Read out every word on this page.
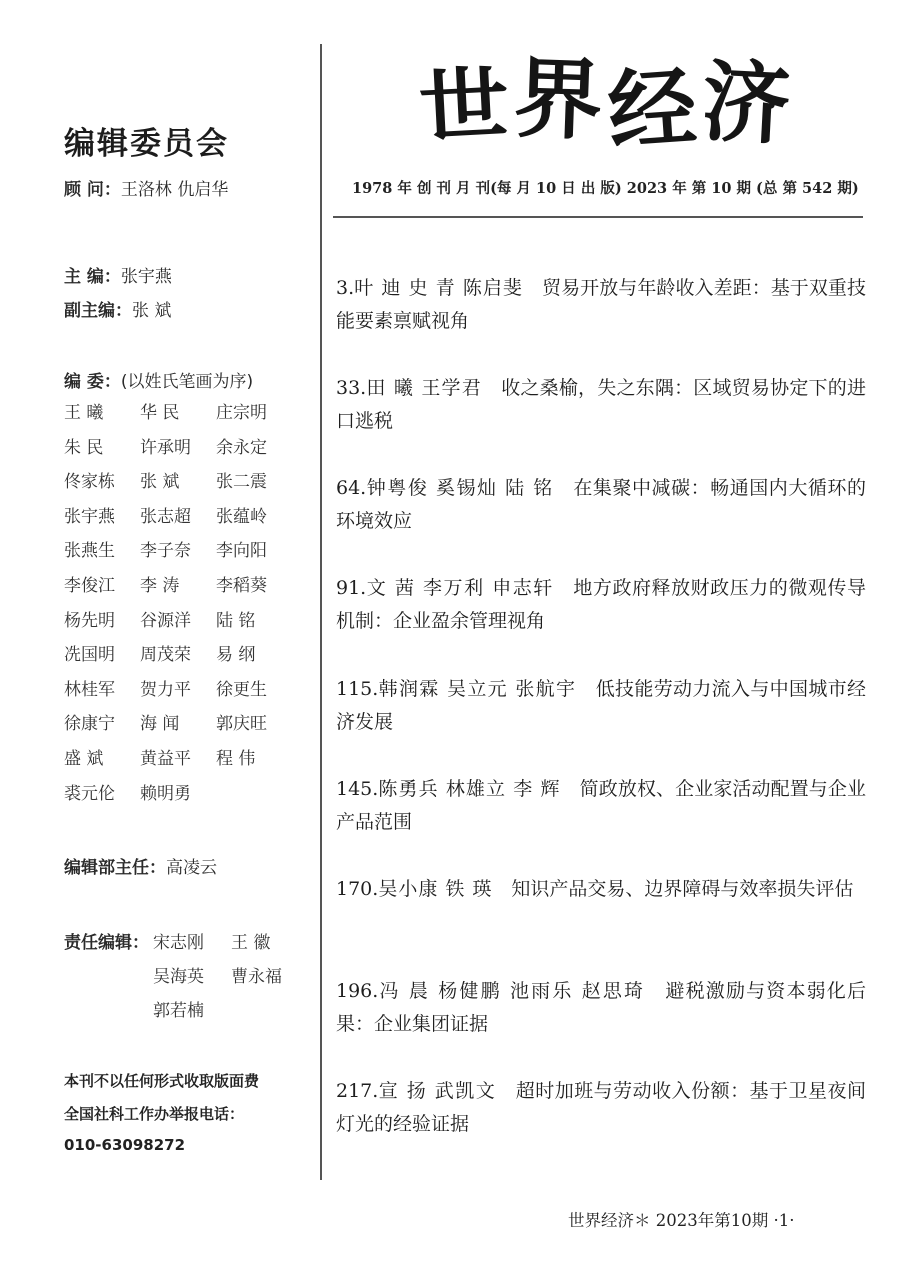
编辑委员会
顾 问：王洛林 仇启华
主 编：张宇燕
副主编：张 斌
编 委：(以姓氏笔画为序)
王 曦	华 民	庄宗明
朱 民	许承明	余永定
佟家栋	张 斌	张二震
张宇燕	张志超	张蕴岭
张燕生	李子奈	李向阳
李俊江	李 涛	李稻葵
杨先明	谷源洋	陆 铭
冼国明	周茂荣	易 纲
林桂军	贺力平	徐更生
徐康宁	海 闻	郭庆旺
盛 斌	黄益平	程 伟
裘元伦	赖明勇
编辑部主任：高凌云
责任编辑： 宋志刚	王 徽
吴海英	曹永福
郭若楠
本刊不以任何形式收取版面费
全国社科工作办举报电话：
010-63098272
世 界 经 济
1978 年 创 刊 月 刊(每 月 10 日 出 版) 2023 年 第 10 期 (总 第 542 期)
3.叶 迪 史 青 陈启斐　 贸易开放与年龄收入差距：基于双重技能要素禀赋视角
33.田 曦 王学君　 收之桑榆，失之东隅：区域贸易协定下的进口逃税
64.钟粤俊 奚锡灿 陆 铭　 在集聚中减碳：畅通国内大循环的环境效应
91.文 茜 李万利 申志轩　 地方政府释放财政压力的微观传导机制：企业盈余管理视角
115.韩润霖 吴立元 张航宇　 低技能劳动力流入与中国城市经济发展
145.陈勇兵 林雄立 李 辉　 简政放权、企业家活动配置与企业产品范围
170.吴小康 铁 瑛　 知识产品交易、边界障碍与效率损失评估
196.冯 晨 杨健鹏 池雨乐 赵思琦　 避税激励与资本弱化后果：企业集团证据
217.宣 扬 武凯文　 超时加班与劳动收入份额：基于卫星夜间灯光的经验证据
世界经济＊ 2023年第10期 ·1·
